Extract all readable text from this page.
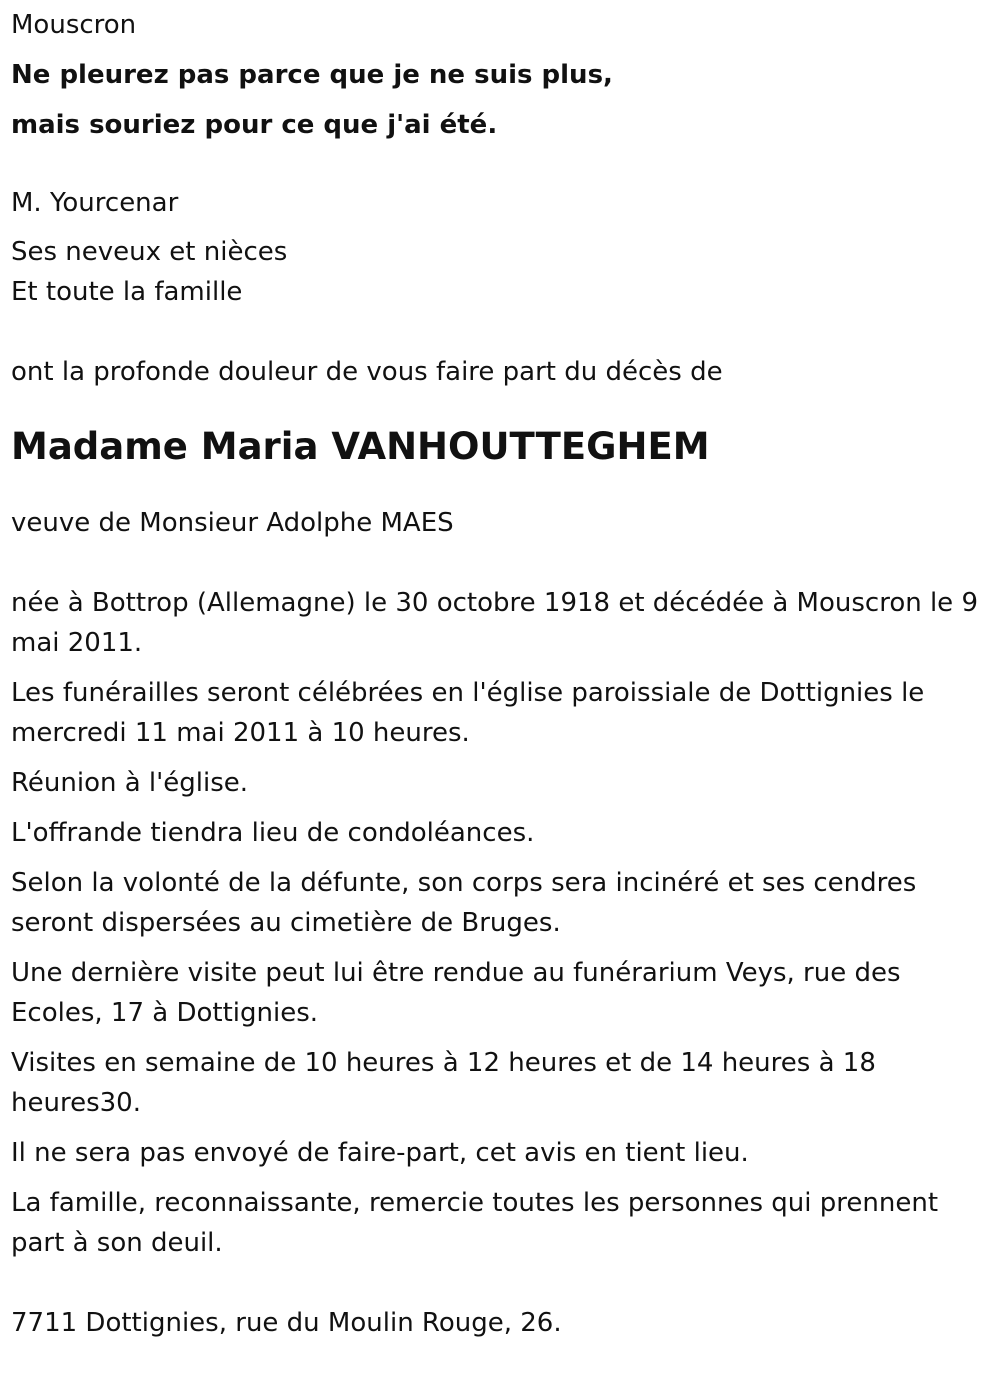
Mouscron

Ne pleurez pas parce que je ne suis plus,

mais souriez pour ce que j'ai été.

M. Yourcenar

Ses neveux et nièces

Et toute la famille

ont la profonde douleur de vous faire part du décès de

Madame Maria VANHOUTTEGHEM

veuve de Monsieur Adolphe MAES

née à Bottrop (Allemagne) le 30 octobre 1918 et décédée à Mouscron le 9 mai 2011.

Les funérailles seront célébrées en l'église paroissiale de Dottignies le mercredi 11 mai 2011 à 10 heures.

Réunion à l'église.

L'offrande tiendra lieu de condoléances.

Selon la volonté de la défunte, son corps sera incinéré et ses cendres seront dispersées au cimetière de Bruges.

Une dernière visite peut lui être rendue au funérarium Veys, rue des Ecoles, 17 à Dottignies.

Visites en semaine de 10 heures à 12 heures et de 14 heures à 18 heures30.

Il ne sera pas envoyé de faire-part, cet avis en tient lieu.

La famille, reconnaissante, remercie toutes les personnes qui prennent part à son deuil.

7711 Dottignies, rue du Moulin Rouge, 26.
